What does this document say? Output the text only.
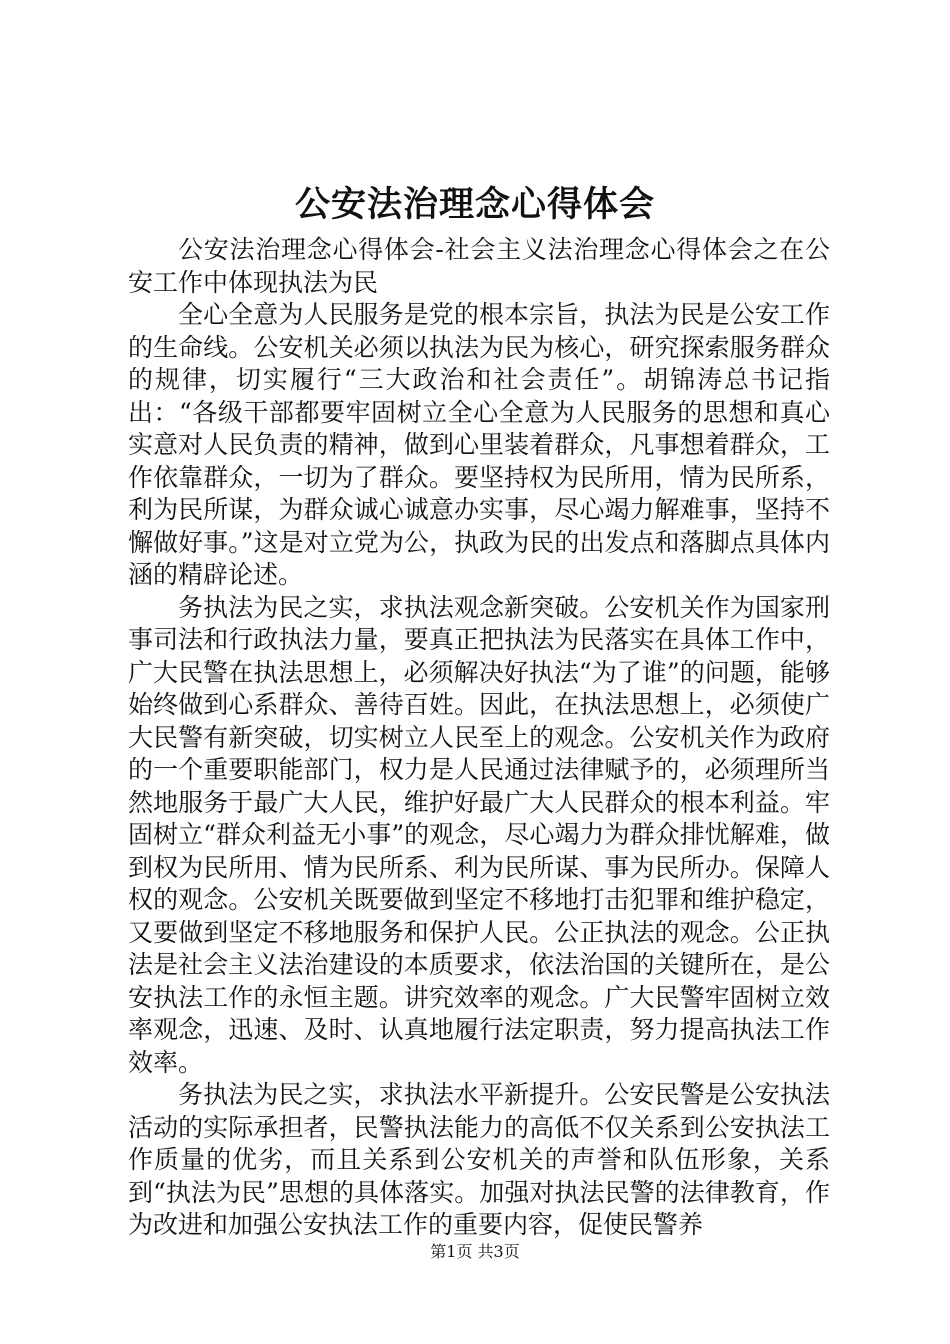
公安法治理念心得体会

公安法治理念心得体会-社会主义法治理念心得体会之在公安工作中体现执法为民

全心全意为人民服务是党的根本宗旨，执法为民是公安工作的生命线。公安机关必须以执法为民为核心，研究探索服务群众的规律，切实履行“三大政治和社会责任”。胡锦涛总书记指出：“各级干部都要牢固树立全心全意为人民服务的思想和真心实意对人民负责的精神，做到心里装着群众，凡事想着群众，工作依靠群众，一切为了群众。要坚持权为民所用，情为民所系，利为民所谋，为群众诚心诚意办实事，尽心竭力解难事，坚持不懈做好事。”这是对立党为公，执政为民的出发点和落脚点具体内涵的精辟论述。

务执法为民之实，求执法观念新突破。公安机关作为国家刑事司法和行政执法力量，要真正把执法为民落实在具体工作中，广大民警在执法思想上，必须解决好执法“为了谁”的问题，能够始终做到心系群众、善待百姓。因此，在执法思想上，必须使广大民警有新突破，切实树立人民至上的观念。公安机关作为政府的一个重要职能部门，权力是人民通过法律赋予的，必须理所当然地服务于最广大人民，维护好最广大人民群众的根本利益。牢固树立“群众利益无小事”的观念，尽心竭力为群众排忧解难，做到权为民所用、情为民所系、利为民所谋、事为民所办。保障人权的观念。公安机关既要做到坚定不移地打击犯罪和维护稳定，又要做到坚定不移地服务和保护人民。公正执法的观念。公正执法是社会主义法治建设的本质要求，依法治国的关键所在，是公安执法工作的永恒主题。讲究效率的观念。广大民警牢固树立效率观念，迅速、及时、认真地履行法定职责，努力提高执法工作效率。

务执法为民之实，求执法水平新提升。公安民警是公安执法活动的实际承担者，民警执法能力的高低不仅关系到公安执法工作质量的优劣，而且关系到公安机关的声誉和队伍形象，关系到“执法为民”思想的具体落实。加强对执法民警的法律教育，作为改进和加强公安执法工作的重要内容，促使民警养

第1页 共3页
